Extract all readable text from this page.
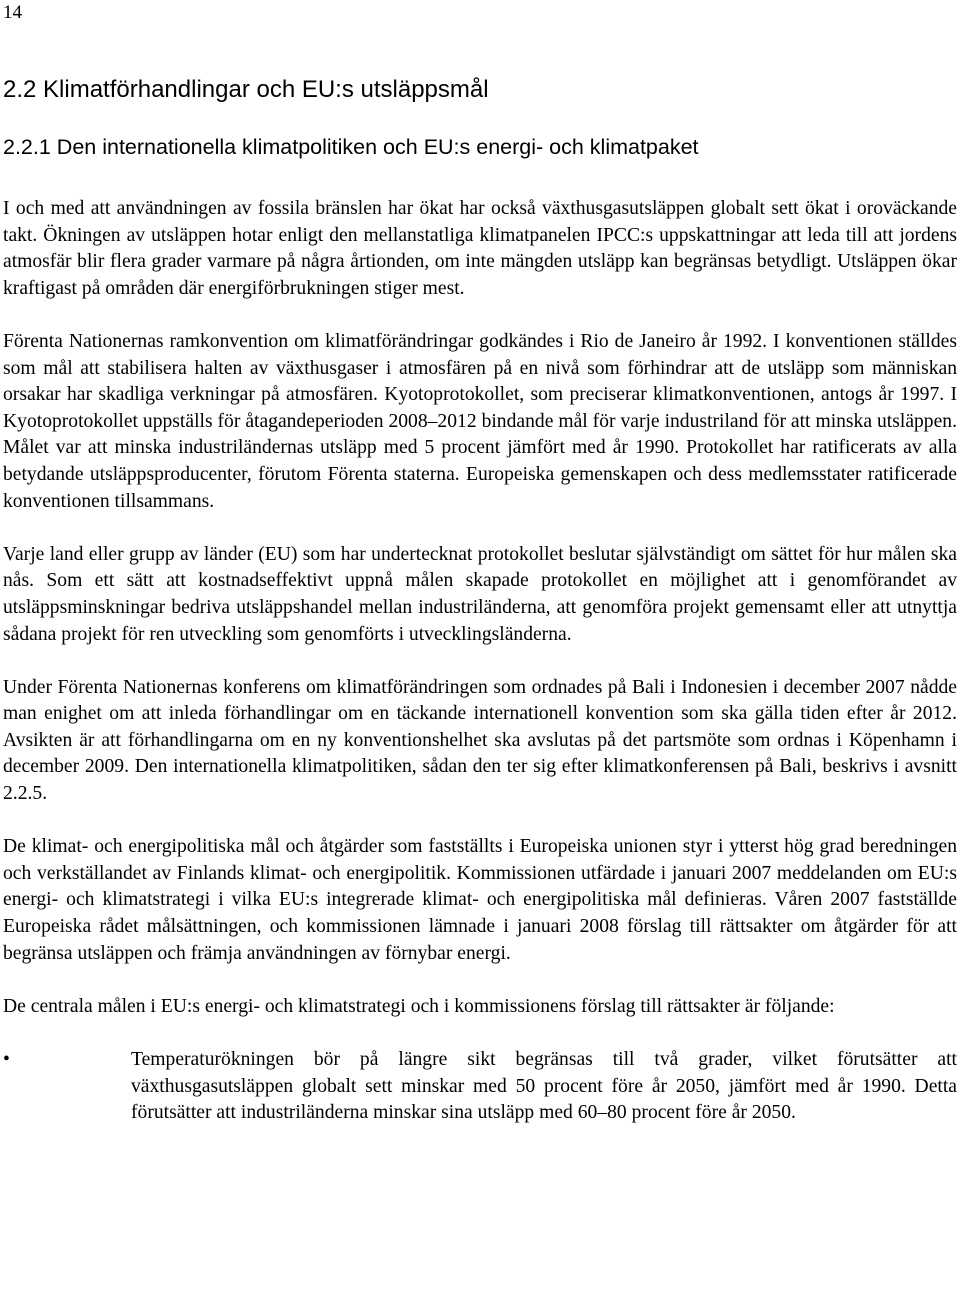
14
2.2 Klimatförhandlingar och EU:s utsläppsmål
2.2.1 Den internationella klimatpolitiken och EU:s energi- och klimatpaket

I och med att användningen av fossila bränslen har ökat har också växthusgasutsläppen globalt sett ökat i oroväckande takt. Ökningen av utsläppen hotar enligt den mellanstatliga klimatpanelen IPCC:s uppskattningar att leda till att jordens atmosfär blir flera grader varmare på några årtionden, om inte mängden utsläpp kan begränsas betydligt. Utsläppen ökar kraftigast på områden där energiförbrukningen stiger mest.

Förenta Nationernas ramkonvention om klimatförändringar godkändes i Rio de Janeiro år 1992. I konventionen ställdes som mål att stabilisera halten av växthusgaser i atmosfären på en nivå som förhindrar att de utsläpp som människan orsakar har skadliga verkningar på atmosfären. Kyotoprotokollet, som preciserar klimatkonventionen, antogs år 1997. I Kyotoprotokollet uppställs för åtagandeperioden 2008–2012 bindande mål för varje industriland för att minska utsläppen. Målet var att minska industriländernas utsläpp med 5 procent jämfört med år 1990. Protokollet har ratificerats av alla betydande utsläppsproducenter, förutom Förenta staterna. Europeiska gemenskapen och dess medlemsstater ratificerade konventionen tillsammans.

Varje land eller grupp av länder (EU) som har undertecknat protokollet beslutar självständigt om sättet för hur målen ska nås. Som ett sätt att kostnadseffektivt uppnå målen skapade protokollet en möjlighet att i genomförandet av utsläppsminskningar bedriva utsläppshandel mellan industriländerna, att genomföra projekt gemensamt eller att utnyttja sådana projekt för ren utveckling som genomförts i utvecklingsländerna.

Under Förenta Nationernas konferens om klimatförändringen som ordnades på Bali i Indonesien i december 2007 nådde man enighet om att inleda förhandlingar om en täckande internationell konvention som ska gälla tiden efter år 2012. Avsikten är att förhandlingarna om en ny konventionshelhet ska avslutas på det partsmöte som ordnas i Köpenhamn i december 2009. Den internationella klimatpolitiken, sådan den ter sig efter klimatkonferensen på Bali, beskrivs i avsnitt 2.2.5.

De klimat- och energipolitiska mål och åtgärder som fastställts i Europeiska unionen styr i ytterst hög grad beredningen och verkställandet av Finlands klimat- och energipolitik. Kommissionen utfärdade i januari 2007 meddelanden om EU:s energi- och klimatstrategi i vilka EU:s integrerade klimat- och energipolitiska mål definieras. Våren 2007 fastställde Europeiska rådet målsättningen, och kommissionen lämnade i januari 2008 förslag till rättsakter om åtgärder för att begränsa utsläppen och främja användningen av förnybar energi.

De centrala målen i EU:s energi- och klimatstrategi och i kommissionens förslag till rättsakter är följande:

•	Temperaturökningen bör på längre sikt begränsas till två grader, vilket förutsätter att växthusgasutsläppen globalt sett minskar med 50 procent före år 2050, jämfört med år 1990. Detta förutsätter att industriländerna minskar sina utsläpp med 60–80 procent före år 2050.
